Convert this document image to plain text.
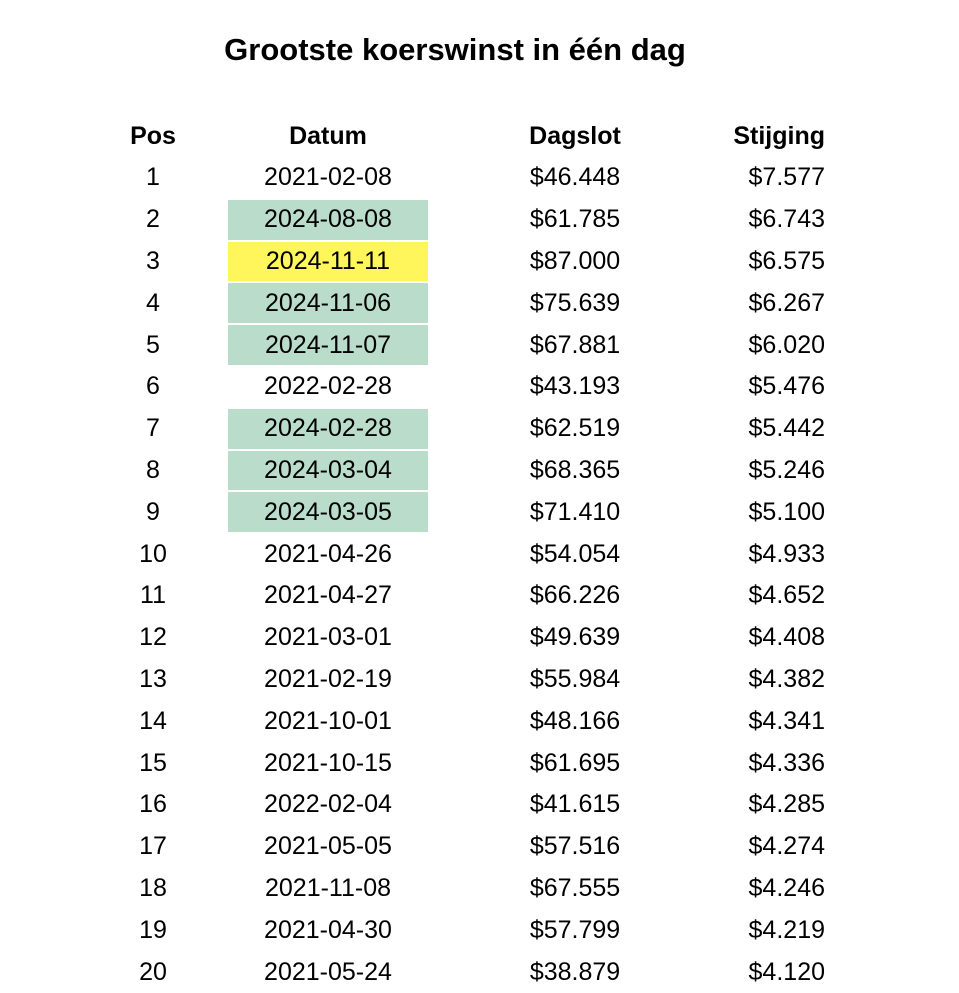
Grootste koerswinst in één dag
Pos	Datum	Dagslot	Stijging
1	2021-02-08	$46.448	$7.577
2	2024-08-08	$61.785	$6.743
3	2024-11-11	$87.000	$6.575
4	2024-11-06	$75.639	$6.267
5	2024-11-07	$67.881	$6.020
6	2022-02-28	$43.193	$5.476
7	2024-02-28	$62.519	$5.442
8	2024-03-04	$68.365	$5.246
9	2024-03-05	$71.410	$5.100
10	2021-04-26	$54.054	$4.933
11	2021-04-27	$66.226	$4.652
12	2021-03-01	$49.639	$4.408
13	2021-02-19	$55.984	$4.382
14	2021-10-01	$48.166	$4.341
15	2021-10-15	$61.695	$4.336
16	2022-02-04	$41.615	$4.285
17	2021-05-05	$57.516	$4.274
18	2021-11-08	$67.555	$4.246
19	2021-04-30	$57.799	$4.219
20	2021-05-24	$38.879	$4.120
